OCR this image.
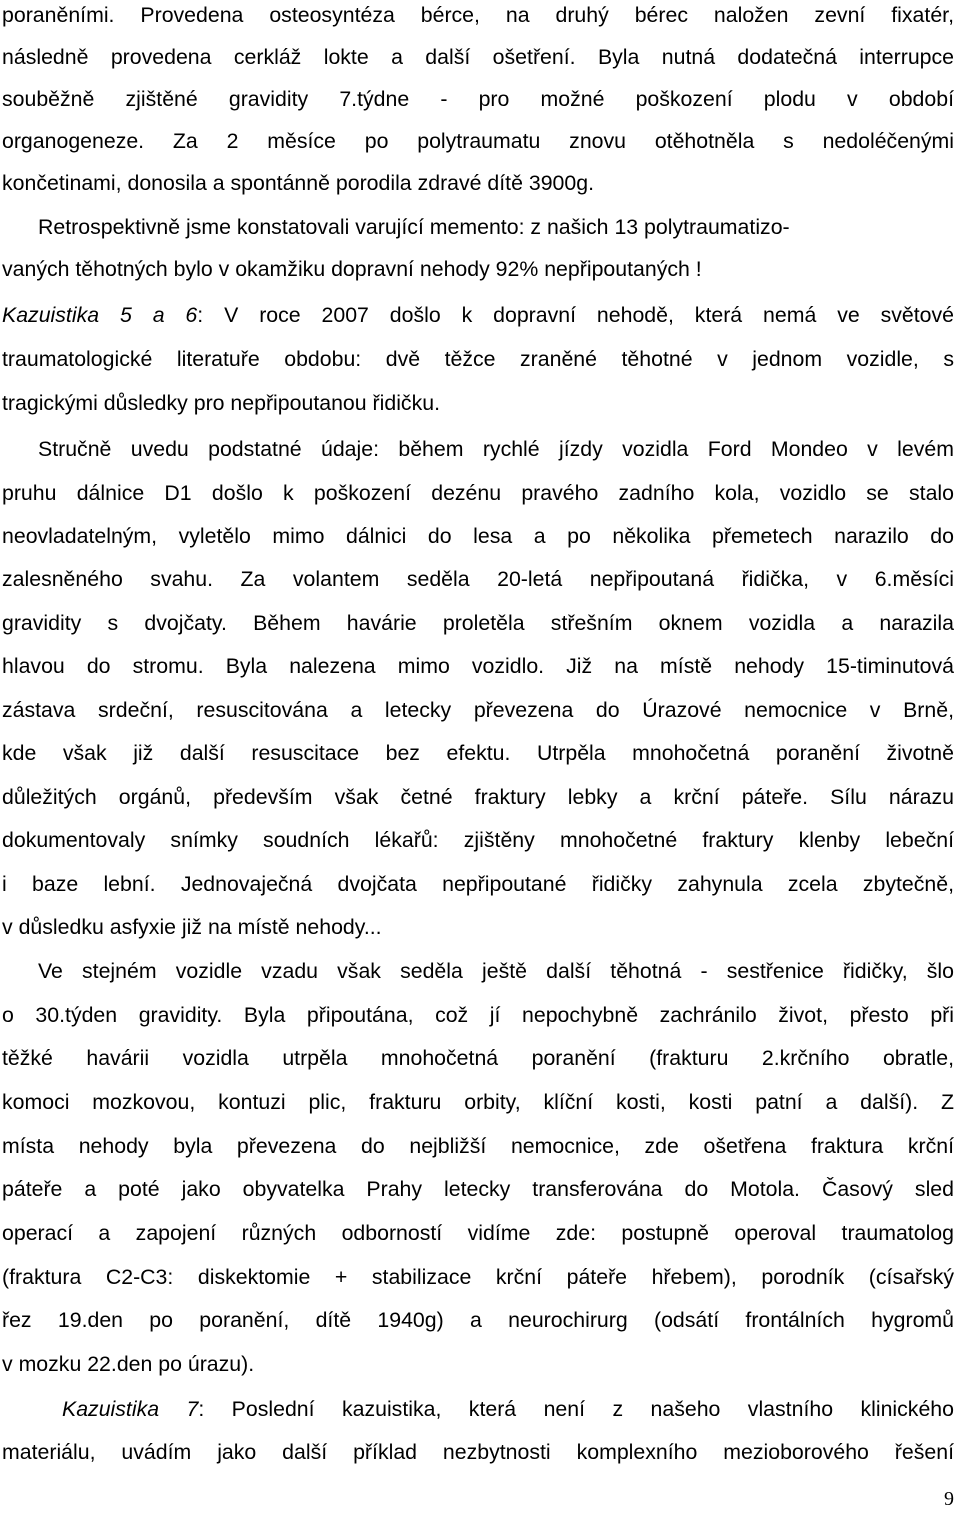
poraněními. Provedena osteosyntéza bérce, na druhý bérec naložen zevní fixatér,
následně provedena cerkláž lokte a další ošetření. Byla nutná dodatečná interrupce
souběžně zjištěné gravidity 7.týdne - pro možné poškození plodu v období
organogeneze. Za 2 měsíce po polytraumatu znovu otěhotněla s nedoléčenými
končetinami, donosila a spontánně porodila zdravé dítě 3900g.
Retrospektivně jsme konstatovali varující memento: z našich 13 polytraumatizo-
vaných těhotných bylo v okamžiku dopravní nehody 92% nepřipoutaných !
Kazuistika 5 a 6: V roce 2007 došlo k dopravní nehodě, která nemá ve světové
traumatologické literatuře obdobu: dvě těžce zraněné těhotné v jednom vozidle, s
tragickými důsledky pro nepřipoutanou řidičku.
Stručně uvedu podstatné údaje: během rychlé jízdy vozidla Ford Mondeo v levém
pruhu dálnice D1 došlo k poškození dezénu pravého zadního kola, vozidlo se stalo
neovladatelným, vyletělo mimo dálnici do lesa a po několika přemetech narazilo do
zalesněného svahu. Za volantem seděla 20-letá nepřipoutaná řidička, v 6.měsíci
gravidity s dvojčaty. Během havárie proletěla střešním oknem vozidla a narazila
hlavou do stromu. Byla nalezena mimo vozidlo. Již na místě nehody 15-timinutová
zástava srdeční, resuscitována a letecky převezena do Úrazové nemocnice v Brně,
kde však již další resuscitace bez efektu. Utrpěla mnohočetná poranění životně
důležitých orgánů, především však četné fraktury lebky a krční páteře. Sílu nárazu
dokumentovaly snímky soudních lékařů: zjištěny mnohočetné fraktury klenby lebeční
i baze lební. Jednovaječná dvojčata nepřipoutané řidičky zahynula zcela zbytečně,
v důsledku asfyxie již na místě nehody...
Ve stejném vozidle vzadu však seděla ještě další těhotná - sestřenice řidičky, šlo
o 30.týden gravidity. Byla připoutána, což jí nepochybně zachránilo život, přesto při
těžké havárii vozidla utrpěla mnohočetná poranění (frakturu 2.krčního obratle,
komoci mozkovou, kontuzi plic, frakturu orbity, klíční kosti, kosti patní a další). Z
místa nehody byla převezena do nejbližší nemocnice, zde ošetřena fraktura krční
páteře a poté jako obyvatelka Prahy letecky transferována do Motola. Časový sled
operací a zapojení různých odborností vidíme zde: postupně operoval traumatolog
(fraktura C2-C3: diskektomie + stabilizace krční páteře hřebem), porodník (císařský
řez 19.den po poranění, dítě 1940g) a neurochirurg (odsátí frontálních hygromů
v mozku 22.den po úrazu).
Kazuistika 7: Poslední kazuistika, která není z našeho vlastního klinického
materiálu, uvádím jako další příklad nezbytnosti komplexního mezioborového řešení
9
